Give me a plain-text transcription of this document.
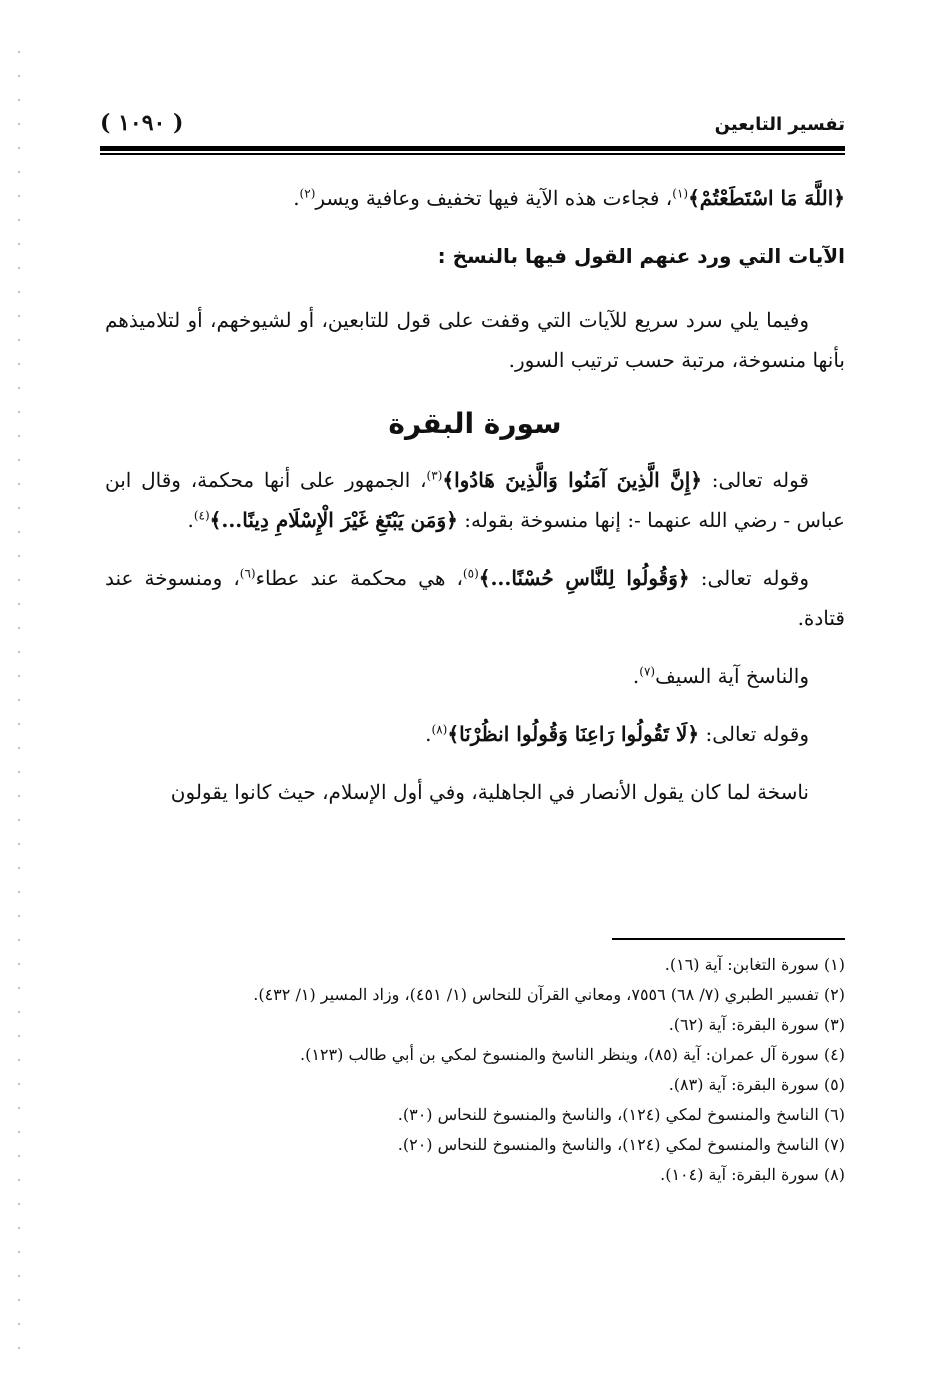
تفسير التابعين
( ١٠٩٠ )

﴿اللَّهَ مَا اسْتَطَعْتُمْ﴾$^{(١)}$، فجاءت هذه الآية فيها تخفيف وعافية ويسر$^{(٢)}$.

الآيات التي ورد عنهم القول فيها بالنسخ :

وفيما يلي سرد سريع للآيات التي وقفت على قول للتابعين، أو لشيوخهم، أو لتلاميذهم بأنها منسوخة، مرتبة حسب ترتيب السور.

سورة البقرة

قوله تعالى: ﴿إِنَّ الَّذِينَ آمَنُوا وَالَّذِينَ هَادُوا﴾$^{(٣)}$، الجمهور على أنها محكمة، وقال ابن عباس - رضي الله عنهما -: إنها منسوخة بقوله: ﴿وَمَن يَبْتَغِ غَيْرَ الْإِسْلَامِ دِينًا...﴾$^{(٤)}$.

وقوله تعالى: ﴿وَقُولُوا لِلنَّاسِ حُسْنًا...﴾$^{(٥)}$، هي محكمة عند عطاء$^{(٦)}$، ومنسوخة عند قتادة.

والناسخ آية السيف$^{(٧)}$.

وقوله تعالى: ﴿لَا تَقُولُوا رَاعِنَا وَقُولُوا انظُرْنَا﴾$^{(٨)}$.

ناسخة لما كان يقول الأنصار في الجاهلية، وفي أول الإسلام، حيث كانوا يقولون

(١) سورة التغابن: آية (١٦).
(٢) تفسير الطبري (٧/ ٦٨) ٧٥٥٦، ومعاني القرآن للنحاس (١/ ٤٥١)، وزاد المسير (١/ ٤٣٢).
(٣) سورة البقرة: آية (٦٢).
(٤) سورة آل عمران: آية (٨٥)، وينظر الناسخ والمنسوخ لمكي بن أبي طالب (١٢٣).
(٥) سورة البقرة: آية (٨٣).
(٦) الناسخ والمنسوخ لمكي (١٢٤)، والناسخ والمنسوخ للنحاس (٣٠).
(٧) الناسخ والمنسوخ لمكي (١٢٤)، والناسخ والمنسوخ للنحاس (٢٠).
(٨) سورة البقرة: آية (١٠٤).
